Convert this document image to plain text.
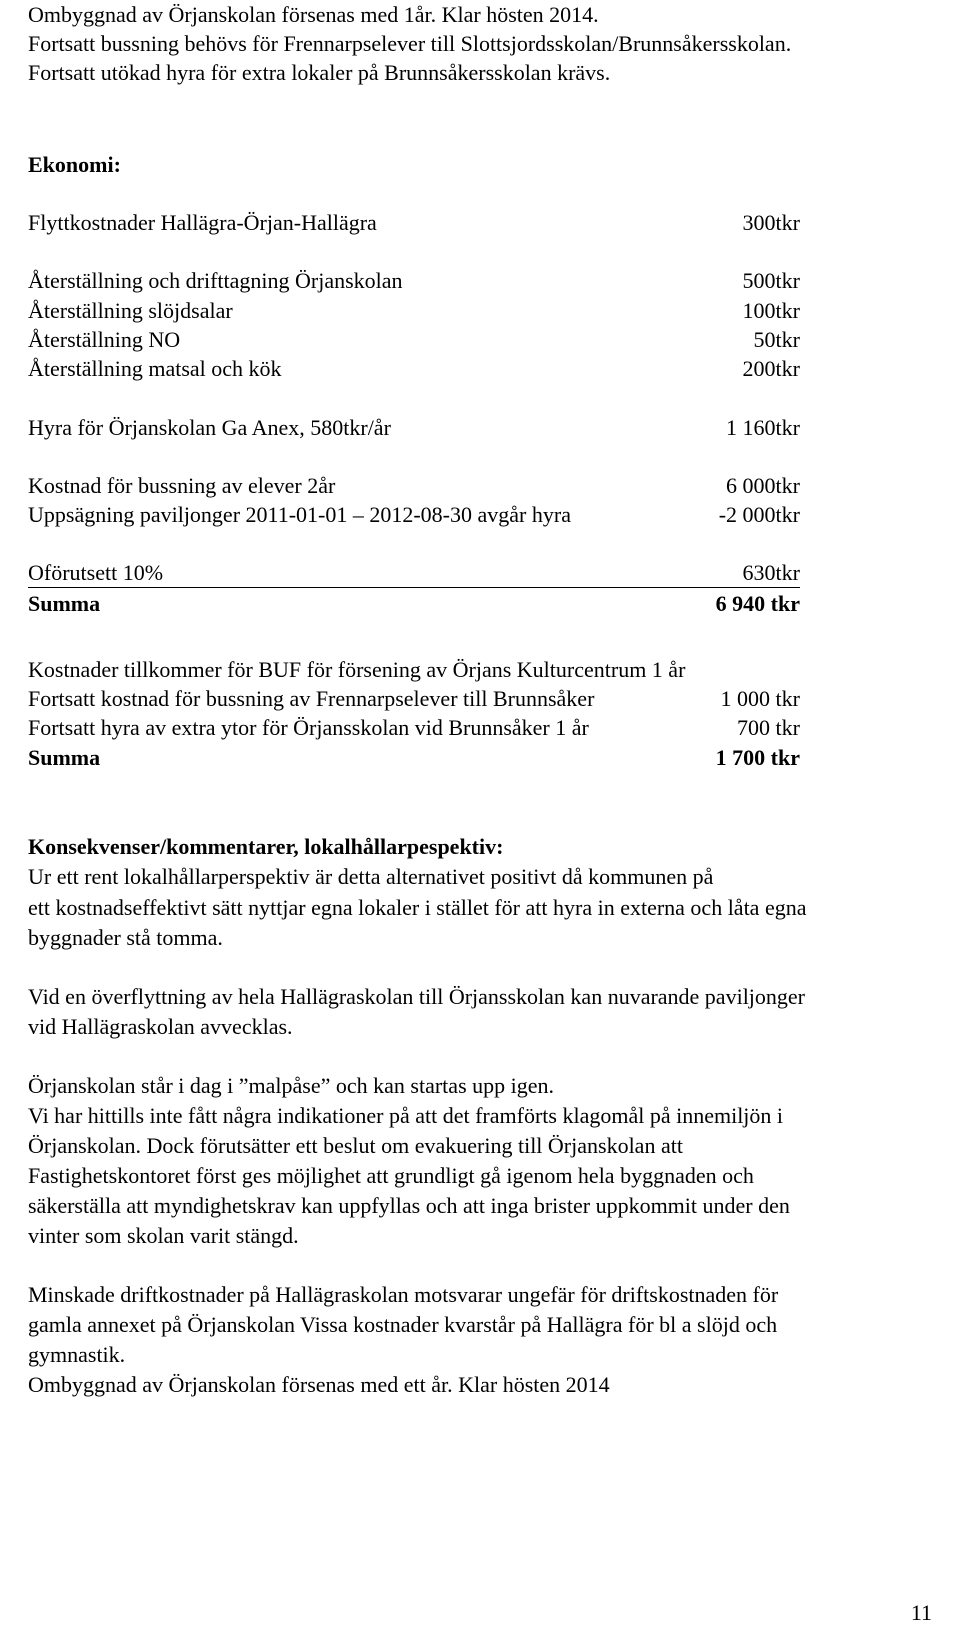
Ombyggnad av Örjanskolan försenas med 1år. Klar hösten 2014.
Fortsatt bussning behövs för Frennarpselever till Slottsjordsskolan/Brunnsåkersskolan.
Fortsatt utökad hyra för extra lokaler på Brunnsåkersskolan krävs.
Ekonomi:
Flyttkostnader Hallägra-Örjan-Hallägra	300tkr
Återställning och drifttagning Örjanskolan	500tkr
Återställning slöjdsalar	100tkr
Återställning NO	50tkr
Återställning matsal och kök	200tkr
Hyra för Örjanskolan Ga Anex, 580tkr/år	1 160tkr
Kostnad för bussning av elever 2år	6 000tkr
Uppsägning paviljonger 2011-01-01 – 2012-08-30 avgår hyra	-2 000tkr
Oförutsett 10%	630tkr
Summa	6 940 tkr
Kostnader tillkommer för BUF för försening av Örjans Kulturcentrum 1 år
Fortsatt kostnad för bussning av Frennarpselever till Brunnsåker	1 000 tkr
Fortsatt hyra av extra ytor för Örjansskolan vid Brunnsåker 1 år	700 tkr
Summa	1 700 tkr
Konsekvenser/kommentarer, lokalhållarpespektiv:
Ur ett rent lokalhållarperspektiv är detta alternativet positivt då kommunen på
ett kostnadseffektivt sätt nyttjar egna lokaler i stället för att hyra in externa och låta egna
byggnader stå tomma.
Vid en överflyttning av hela Hallägraskolan till Örjansskolan kan nuvarande paviljonger
vid Hallägraskolan avvecklas.
Örjanskolan står i dag i ”malpåse” och kan startas upp igen.
Vi har hittills inte fått några indikationer på att det framförts klagomål på innemiljön i
Örjanskolan. Dock förutsätter ett beslut om evakuering till Örjanskolan att
Fastighetskontoret först ges möjlighet att grundligt gå igenom hela byggnaden och
säkerställa att myndighetskrav kan uppfyllas och att inga brister uppkommit under den
vinter som skolan varit stängd.
Minskade driftkostnader på Hallägraskolan motsvarar ungefär för driftskostnaden för
gamla annexet på Örjanskolan Vissa kostnader kvarstår på Hallägra för bl a slöjd och
gymnastik.
Ombyggnad av Örjanskolan försenas med ett år. Klar hösten 2014
11
